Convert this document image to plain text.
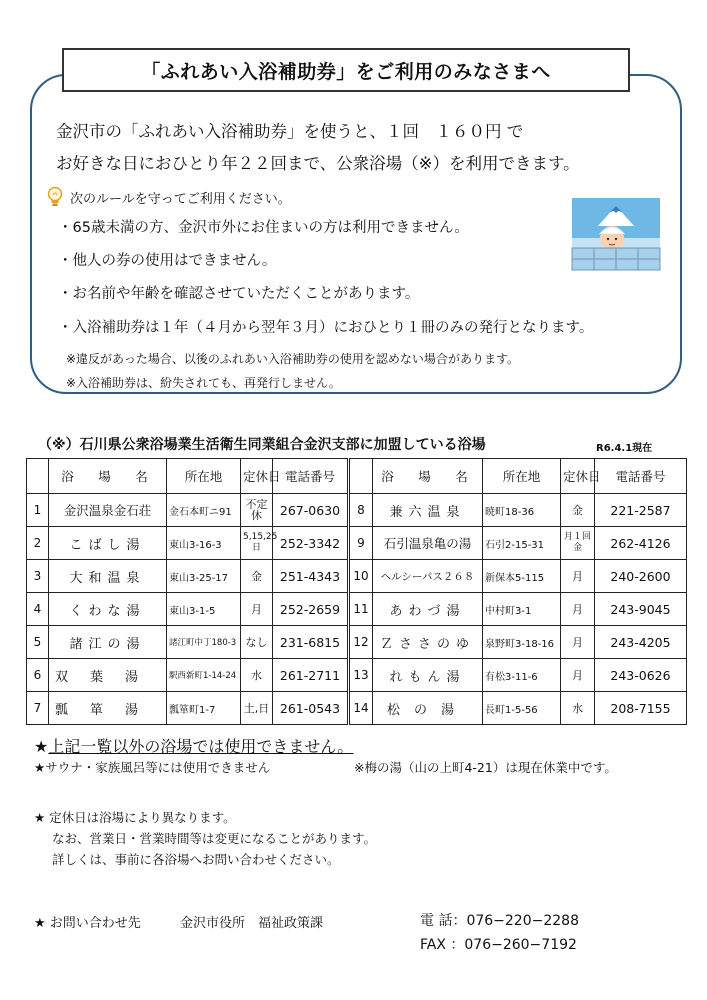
「ふれあい入浴補助券」をご利用のみなさまへ
金沢市の「ふれあい入浴補助券」を使うと、１回　１６０円 で
お好きな日におひとり年２２回まで、公衆浴場（※）を利用できます。
次のルールを守ってご利用ください。
・65歳未満の方、金沢市外にお住まいの方は利用できません。
・他人の券の使用はできません。
・お名前や年齢を確認させていただくことがあります。
・入浴補助券は１年（４月から翌年３月）におひとり１冊のみの発行となります。
※違反があった場合、以後のふれあい入浴補助券の使用を認めない場合があります。
※入浴補助券は、紛失されても、再発行しません。
（※）石川県公衆浴場業生活衛生同業組合金沢支部に加盟している浴場	R6.4.1現在
	浴　場　名	所在地	定休日	電話番号		浴　場　名	所在地	定休日	電話番号
1	金沢温泉金石荘	金石本町ニ91	不定休	267-0630	8	兼六温泉	暁町18-36	金	221-2587
2	こばし湯	東山3-16-3	5,15,25日	252-3342	9	石引温泉亀の湯	石引2-15-31	月１回金	262-4126
3	大和温泉	東山3-25-17	金	251-4343	10	ヘルシーパス２６８	新保本5-115	月	240-2600
4	くわな湯	東山3-1-5	月	252-2659	11	あわづ湯	中村町3-1	月	243-9045
5	諸江の湯	諸江町中丁180-3	なし	231-6815	12	Ｚささのゆ	泉野町3-18-16	月	243-4205
6	双葉湯	駅西新町1-14-24	水	261-2711	13	れもん湯	有松3-11-6	月	243-0626
7	瓢箪湯	瓢箪町1-7	土,日	261-0543	14	松の湯	長町1-5-56	水	208-7155
★上記一覧以外の浴場では使用できません。
★サウナ・家族風呂等には使用できません	※梅の湯（山の上町4-21）は現在休業中です。
★ 定休日は浴場により異なります。
なお、営業日・営業時間等は変更になることがあります。
詳しくは、事前に各浴場へお問い合わせください。
★ お問い合わせ先	金沢市役所　福祉政策課	電 話：076−220−2288
FAX ：076−260−7192
